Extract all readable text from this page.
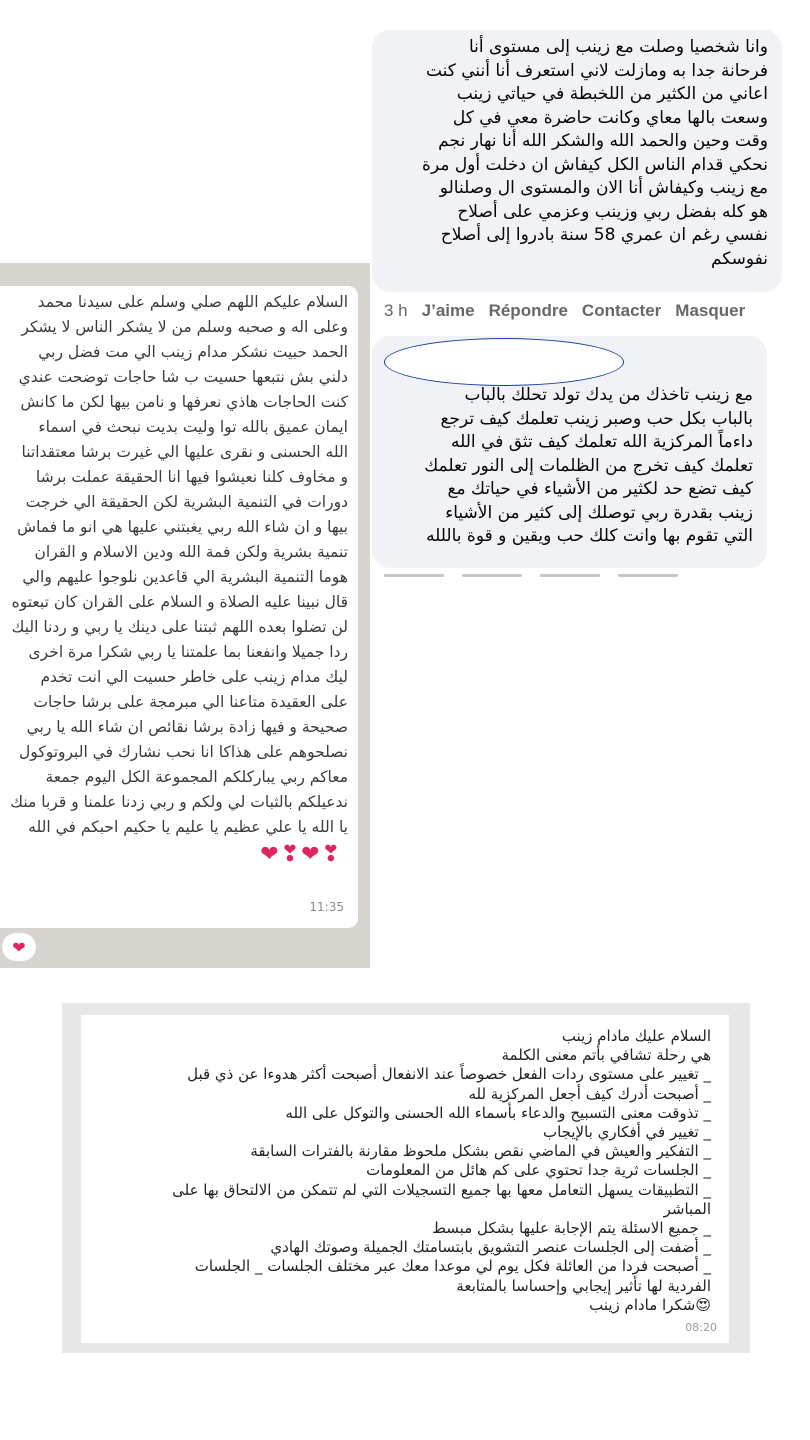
وانا شخصيا وصلت مع زينب إلى مستوى أنا
فرحانة جدا به ومازلت لاني استعرف أنا أنني كنت
اعاني من الكثير من اللخبطة في حياتي زينب
وسعت بالها معاي وكانت حاضرة معي في كل
وقت وحين والحمد الله والشكر الله أنا نهار نجم
نحكي قدام الناس الكل كيفاش ان دخلت أول مرة
مع زينب وكيفاش أنا الان والمستوى ال وصلنالو
هو كله بفضل ربي وزينب وعزمي على أصلاح
نفسي رغم ان عمري 58 سنة بادروا إلى أصلاح
نفوسكم
3 h J’aime Répondre Contacter Masquer
مع زينب تاخذك من يدك تولد تحلك بالباب
بالباب بكل حب وصبر زينب تعلمك كيف ترجع
داءماً المركزية الله تعلمك كيف تثق في الله
تعلمك كيف تخرج من الظلمات إلى النور تعلمك
كيف تضع حد لكثير من الأشياء في حياتك مع
زينب بقدرة ربي توصلك إلى كثير من الأشياء
التي تقوم بها وانت كلك حب ويقين و قوة باللله
السلام عليكم اللهم صلي وسلم على سيدنا محمد
وعلى اله و صحبه وسلم من لا يشكر الناس لا يشكر
الحمد حبيت نشكر مدام زينب الي مت فضل ربي
دلني بش نتبعها حسيت ب شا حاجات توضحت عندي
كنت الحاجات هاذي نعرفها و نامن بيها لكن ما كانش
ايمان عميق بالله توا وليت بديت نبحث في اسماء
الله الحسنى و نقرى عليها الي غيرت برشا معتقداتنا
و مخاوف كلنا نعيشوا فيها انا الحقيقة عملت برشا
دورات في التنمية البشرية لكن الحقيقة الي خرجت
بيها و ان شاء الله ربي يغبتني عليها هي انو ما فماش
تنمية بشرية ولكن فمة الله ودين الاسلام و القران
هوما التنمية البشرية الي قاعدين نلوجوا عليهم والي
قال نبينا عليه الصلاة و السلام على القران كان تبعتوه
لن تضلوا بعده اللهم ثبتنا على دينك يا ربي و ردنا اليك
ردا جميلا وانفعنا بما علمتنا يا ربي شكرا مرة اخرى
ليك مدام زينب على خاطر حسيت الي انت تخدم
على العقيدة متاعنا الي مبرمجة على برشا حاجات
صحيحة و فيها زادة برشا نقائص ان شاء الله يا ربي
نصلحوهم على هذاكا انا نحب نشارك في البروتوكول
معاكم ربي يباركلكم المجموعة الكل اليوم جمعة
ندعيلكم بالثبات لي ولكم و ربي زدنا علمنا و قربا منك
يا الله يا علي عظيم يا عليم يا حكيم احبكم في الله
❣❤❣❤
11:35
❤
السلام عليك مادام زينب
هي رحلة تشافي بأتم معنى الكلمة
_ تغيير على مستوى ردات الفعل خصوصاً عند الانفعال أصبحت أكثر هدوءا عن ذي قبل
_ أصبحت أدرك كيف أجعل المركزية لله
_ تذوقت معنى التسبيح والدعاء بأسماء الله الحسنى والتوكل على الله
_ تغيير في أفكاري بالإيجاب
_ التفكير والعيش في الماضي نقص بشكل ملحوظ مقارنة بالفترات السابقة
_ الجلسات ثرية جدا تحتوي على كم هائل من المعلومات
_ التطبيقات يسهل التعامل معها بها جميع التسجيلات التي لم تتمكن من الالتحاق بها على
المباشر
_ جميع الاسئلة يتم الإجابة عليها بشكل مبسط
_ أضفت إلى الجلسات عنصر التشويق بابتسامتك الجميلة وصوتك الهادي
_ أصبحت فردا من العائلة فكل يوم لي موعدا معك عبر مختلف الجلسات _ الجلسات
الفردية لها تأثير إيجابي وإحساسا بالمتابعة
😍شكرا مادام زينب
08:20
